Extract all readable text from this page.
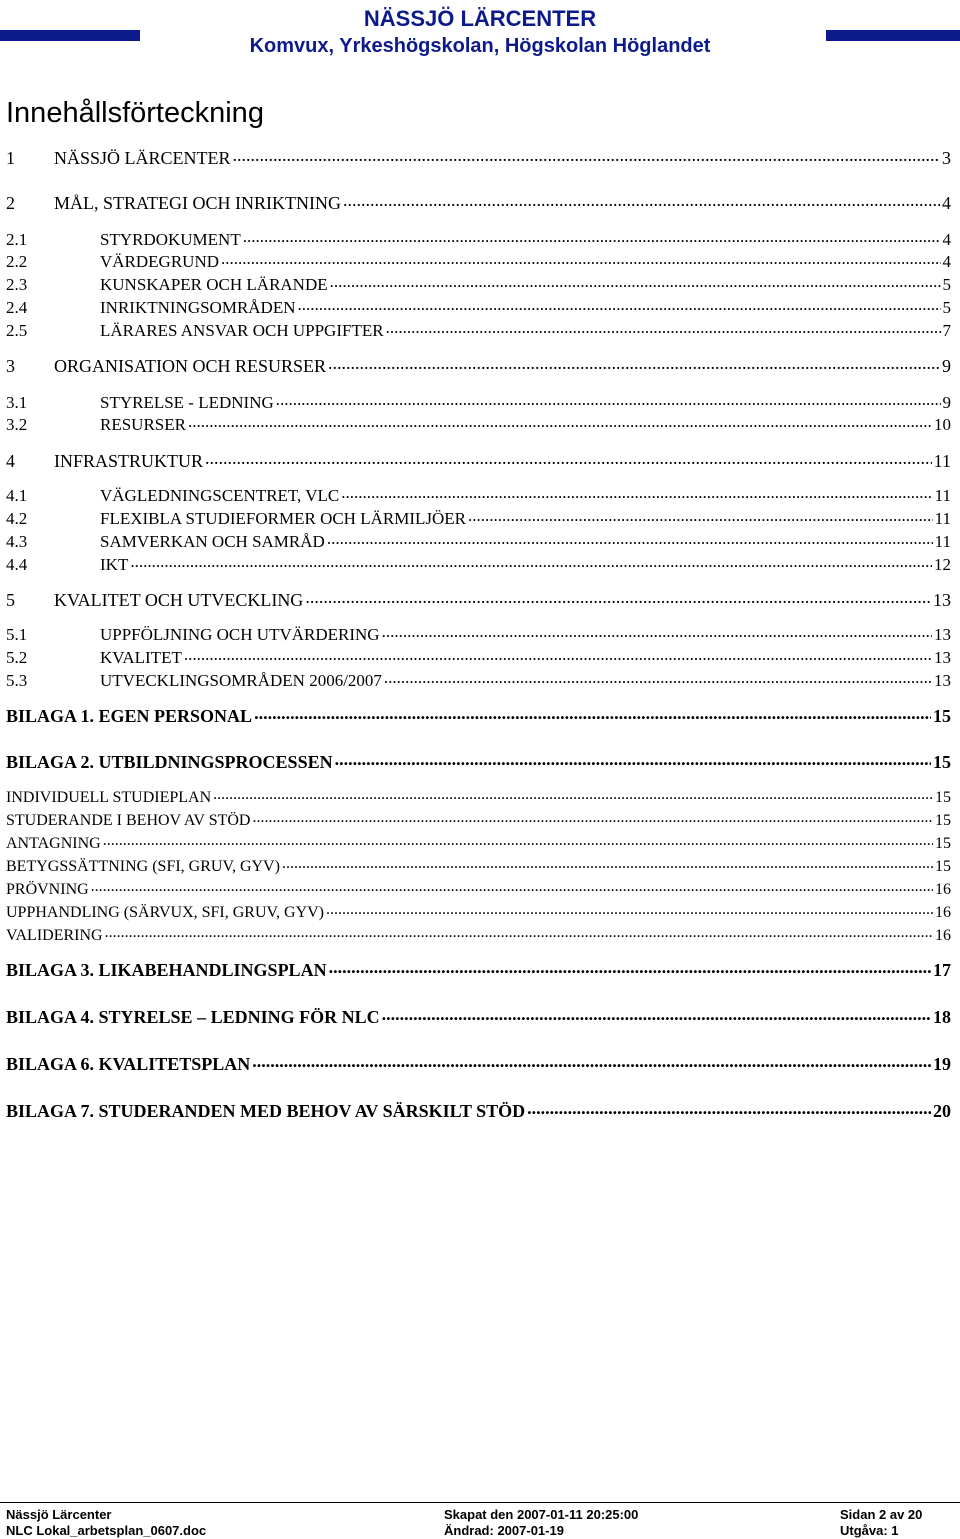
NÄSSJÖ LÄRCENTER
Komvux, Yrkeshögskolan, Högskolan Höglandet
Innehållsförteckning
1	NÄSSJÖ LÄRCENTER .....	3
2	MÅL, STRATEGI OCH INRIKTNING .....	4
2.1	STYRDOKUMENT .....	4
2.2	VÄRDEGRUND .....	4
2.3	KUNSKAPER OCH LÄRANDE .....	5
2.4	INRIKTNINGSOMRÅDEN .....	5
2.5	LÄRARES ANSVAR OCH UPPGIFTER .....	7
3	ORGANISATION OCH RESURSER .....	9
3.1	STYRELSE - LEDNING .....	9
3.2	RESURSER .....	10
4	INFRASTRUKTUR .....	11
4.1	VÄGLEDNINGSCENTRET, VLC .....	11
4.2	FLEXIBLA STUDIEFORMER OCH LÄRMILJÖER .....	11
4.3	SAMVERKAN OCH SAMRÅD .....	11
4.4	IKT .....	12
5	KVALITET OCH UTVECKLING .....	13
5.1	UPPFÖLJNING OCH UTVÄRDERING .....	13
5.2	KVALITET .....	13
5.3	UTVECKLINGSOMRÅDEN 2006/2007 .....	13
BILAGA 1. EGEN PERSONAL .....	15
BILAGA 2. UTBILDNINGSPROCESSEN .....	15
INDIVIDUELL STUDIEPLAN .....	15
STUDERANDE I BEHOV AV STÖD .....	15
ANTAGNING .....	15
BETYGSSÄTTNING (SFI, GRUV, GYV) .....	15
PRÖVNING .....	16
UPPHANDLING (SÄRVUX, SFI, GRUV, GYV) .....	16
VALIDERING .....	16
BILAGA 3. LIKABEHANDLINGSPLAN .....	17
BILAGA 4. STYRELSE – LEDNING FÖR NLC .....	18
BILAGA 6. KVALITETSPLAN .....	19
BILAGA 7. STUDERANDEN MED BEHOV AV SÄRSKILT STÖD .....	20
Nässjö Lärcenter
NLC Lokal_arbetsplan_0607.doc
Skapat den 2007-01-11 20:25:00
Ändrad: 2007-01-19
Sidan 2 av 20
Utgåva: 1
